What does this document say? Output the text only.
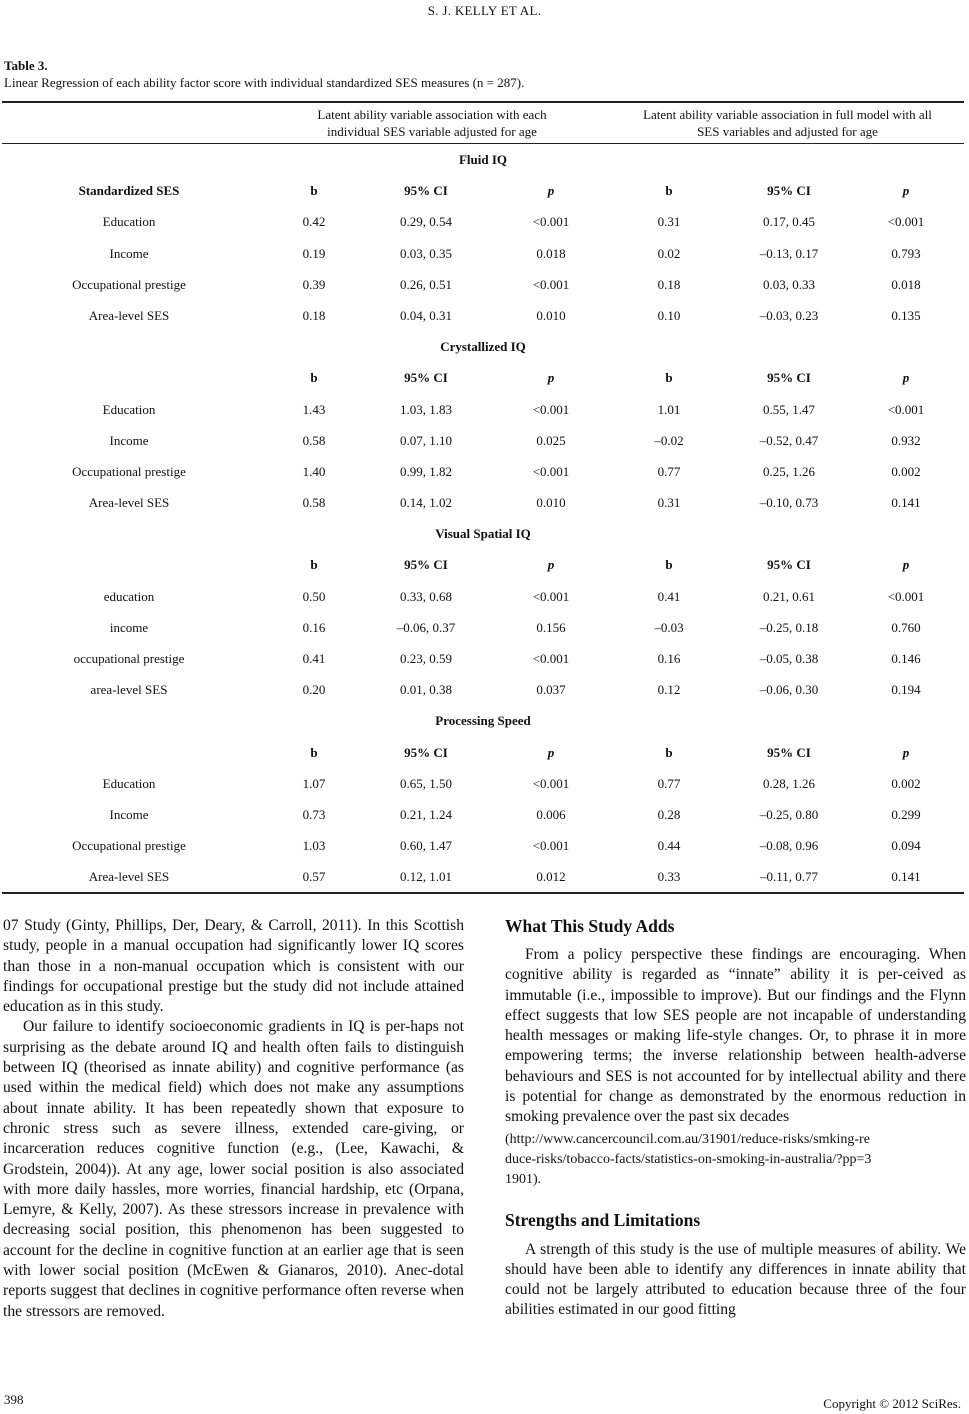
S. J. KELLY ET AL.
Table 3.
Linear Regression of each ability factor score with individual standardized SES measures (n = 287).
Latent ability variable association with each
individual SES variable adjusted for age
Latent ability variable association in full model with all
SES variables and adjusted for age
Fluid IQ
Standardized SES	b	95% CI	p	b	95% CI	p
Education	0.42	0.29, 0.54	<0.001	0.31	0.17, 0.45	<0.001
Income	0.19	0.03, 0.35	0.018	0.02	–0.13, 0.17	0.793
Occupational prestige	0.39	0.26, 0.51	<0.001	0.18	0.03, 0.33	0.018
Area-level SES	0.18	0.04, 0.31	0.010	0.10	–0.03, 0.23	0.135
Crystallized IQ
b	95% CI	p	b	95% CI	p
Education	1.43	1.03, 1.83	<0.001	1.01	0.55, 1.47	<0.001
Income	0.58	0.07, 1.10	0.025	–0.02	–0.52, 0.47	0.932
Occupational prestige	1.40	0.99, 1.82	<0.001	0.77	0.25, 1.26	0.002
Area-level SES	0.58	0.14, 1.02	0.010	0.31	–0.10, 0.73	0.141
Visual Spatial IQ
b	95% CI	p	b	95% CI	p
education	0.50	0.33, 0.68	<0.001	0.41	0.21, 0.61	<0.001
income	0.16	–0.06, 0.37	0.156	–0.03	–0.25, 0.18	0.760
occupational prestige	0.41	0.23, 0.59	<0.001	0.16	–0.05, 0.38	0.146
area-level SES	0.20	0.01, 0.38	0.037	0.12	–0.06, 0.30	0.194
Processing Speed
b	95% CI	p	b	95% CI	p
Education	1.07	0.65, 1.50	<0.001	0.77	0.28, 1.26	0.002
Income	0.73	0.21, 1.24	0.006	0.28	–0.25, 0.80	0.299
Occupational prestige	1.03	0.60, 1.47	<0.001	0.44	–0.08, 0.96	0.094
Area-level SES	0.57	0.12, 1.01	0.012	0.33	–0.11, 0.77	0.141

07 Study (Ginty, Phillips, Der, Deary, & Carroll, 2011). In this Scottish study, people in a manual occupation had significantly lower IQ scores than those in a non-manual occupation which is consistent with our findings for occupational prestige but the study did not include attained education as in this study.

Our failure to identify socioeconomic gradients in IQ is per-haps not surprising as the debate around IQ and health often fails to distinguish between IQ (theorised as innate ability) and cognitive performance (as used within the medical field) which does not make any assumptions about innate ability. It has been repeatedly shown that exposure to chronic stress such as severe illness, extended care-giving, or incarceration reduces cognitive function (e.g., (Lee, Kawachi, & Grodstein, 2004)). At any age, lower social position is also associated with more daily hassles, more worries, financial hardship, etc (Orpana, Lemyre, & Kelly, 2007). As these stressors increase in prevalence with decreasing social position, this phenomenon has been suggested to account for the decline in cognitive function at an earlier age that is seen with lower social position (McEwen & Gianaros, 2010). Anec-dotal reports suggest that declines in cognitive performance often reverse when the stressors are removed.

What This Study Adds

From a policy perspective these findings are encouraging. When cognitive ability is regarded as “innate” ability it is per-ceived as immutable (i.e., impossible to improve). But our findings and the Flynn effect suggests that low SES people are not incapable of understanding health messages or making life-style changes. Or, to phrase it in more empowering terms; the inverse relationship between health-adverse behaviours and SES is not accounted for by intellectual ability and there is potential for change as demonstrated by the enormous reduction in smoking prevalence over the past six decades

(http://www.cancercouncil.com.au/31901/reduce-risks/smking-re
duce-risks/tobacco-facts/statistics-on-smoking-in-australia/?pp=3
1901).
Strengths and Limitations

A strength of this study is the use of multiple measures of ability. We should have been able to identify any differences in innate ability that could not be largely attributed to education because three of the four abilities estimated in our good fitting

398	Copyright © 2012 SciRes.
